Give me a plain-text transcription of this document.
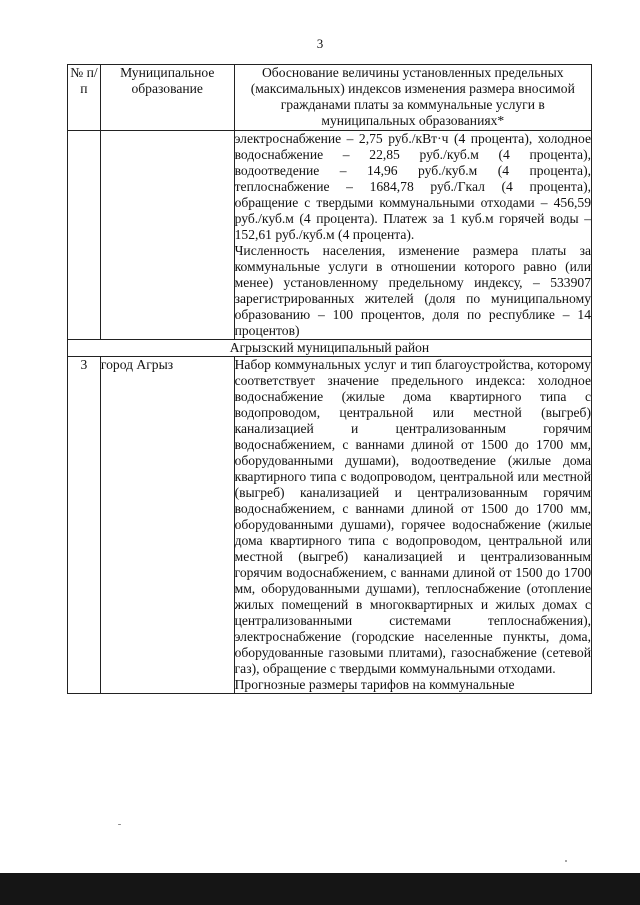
3
№ п/п	Муниципальное образование	Обоснование величины установленных предельных (максимальных) индексов изменения размера вносимой гражданами платы за коммунальные услуги в муниципальных образованиях*

		электроснабжение – 2,75 руб./кВт·ч (4 процента), холодное водоснабжение – 22,85 руб./куб.м (4 процента), водоотведение – 14,96 руб./куб.м (4 процента), теплоснабжение – 1684,78 руб./Гкал (4 процента), обращение с твердыми коммунальными отходами – 456,59 руб./куб.м (4 процента). Платеж за 1 куб.м горячей воды – 152,61 руб./куб.м (4 процента).

Численность населения, изменение размера платы за коммунальные услуги в отношении которого равно (или менее) установленному предельному индексу, – 533907 зарегистрированных жителей (доля по муниципальному образованию – 100 процентов, доля по республике – 14 процентов)

Агрызский муниципальный район		
3	город Агрыз	Набор коммунальных услуг и тип благоустройства, которому соответствует значение предельного индекса: холодное водоснабжение (жилые дома квартирного типа с водопроводом, центральной или местной (выгреб) канализацией и централизованным горячим водоснабжением, с ваннами длиной от 1500 до 1700 мм, оборудованными душами), водоотведение (жилые дома квартирного типа с водопроводом, центральной или местной (выгреб) канализацией и централизованным горячим водоснабжением, с ваннами длиной от 1500 до 1700 мм, оборудованными душами), горячее водоснабжение (жилые дома квартирного типа с водопроводом, центральной или местной (выгреб) канализацией и централизованным горячим водоснабжением, с ваннами длиной от 1500 до 1700 мм, оборудованными душами), теплоснабжение (отопление жилых помещений в многоквартирных и жилых домах с централизованными системами теплоснабжения), электроснабжение (городские населенные пункты, дома, оборудованные газовыми плитами), газоснабжение (сетевой газ), обращение с твердыми коммунальными отходами.

Прогнозные размеры тарифов на коммунальные
